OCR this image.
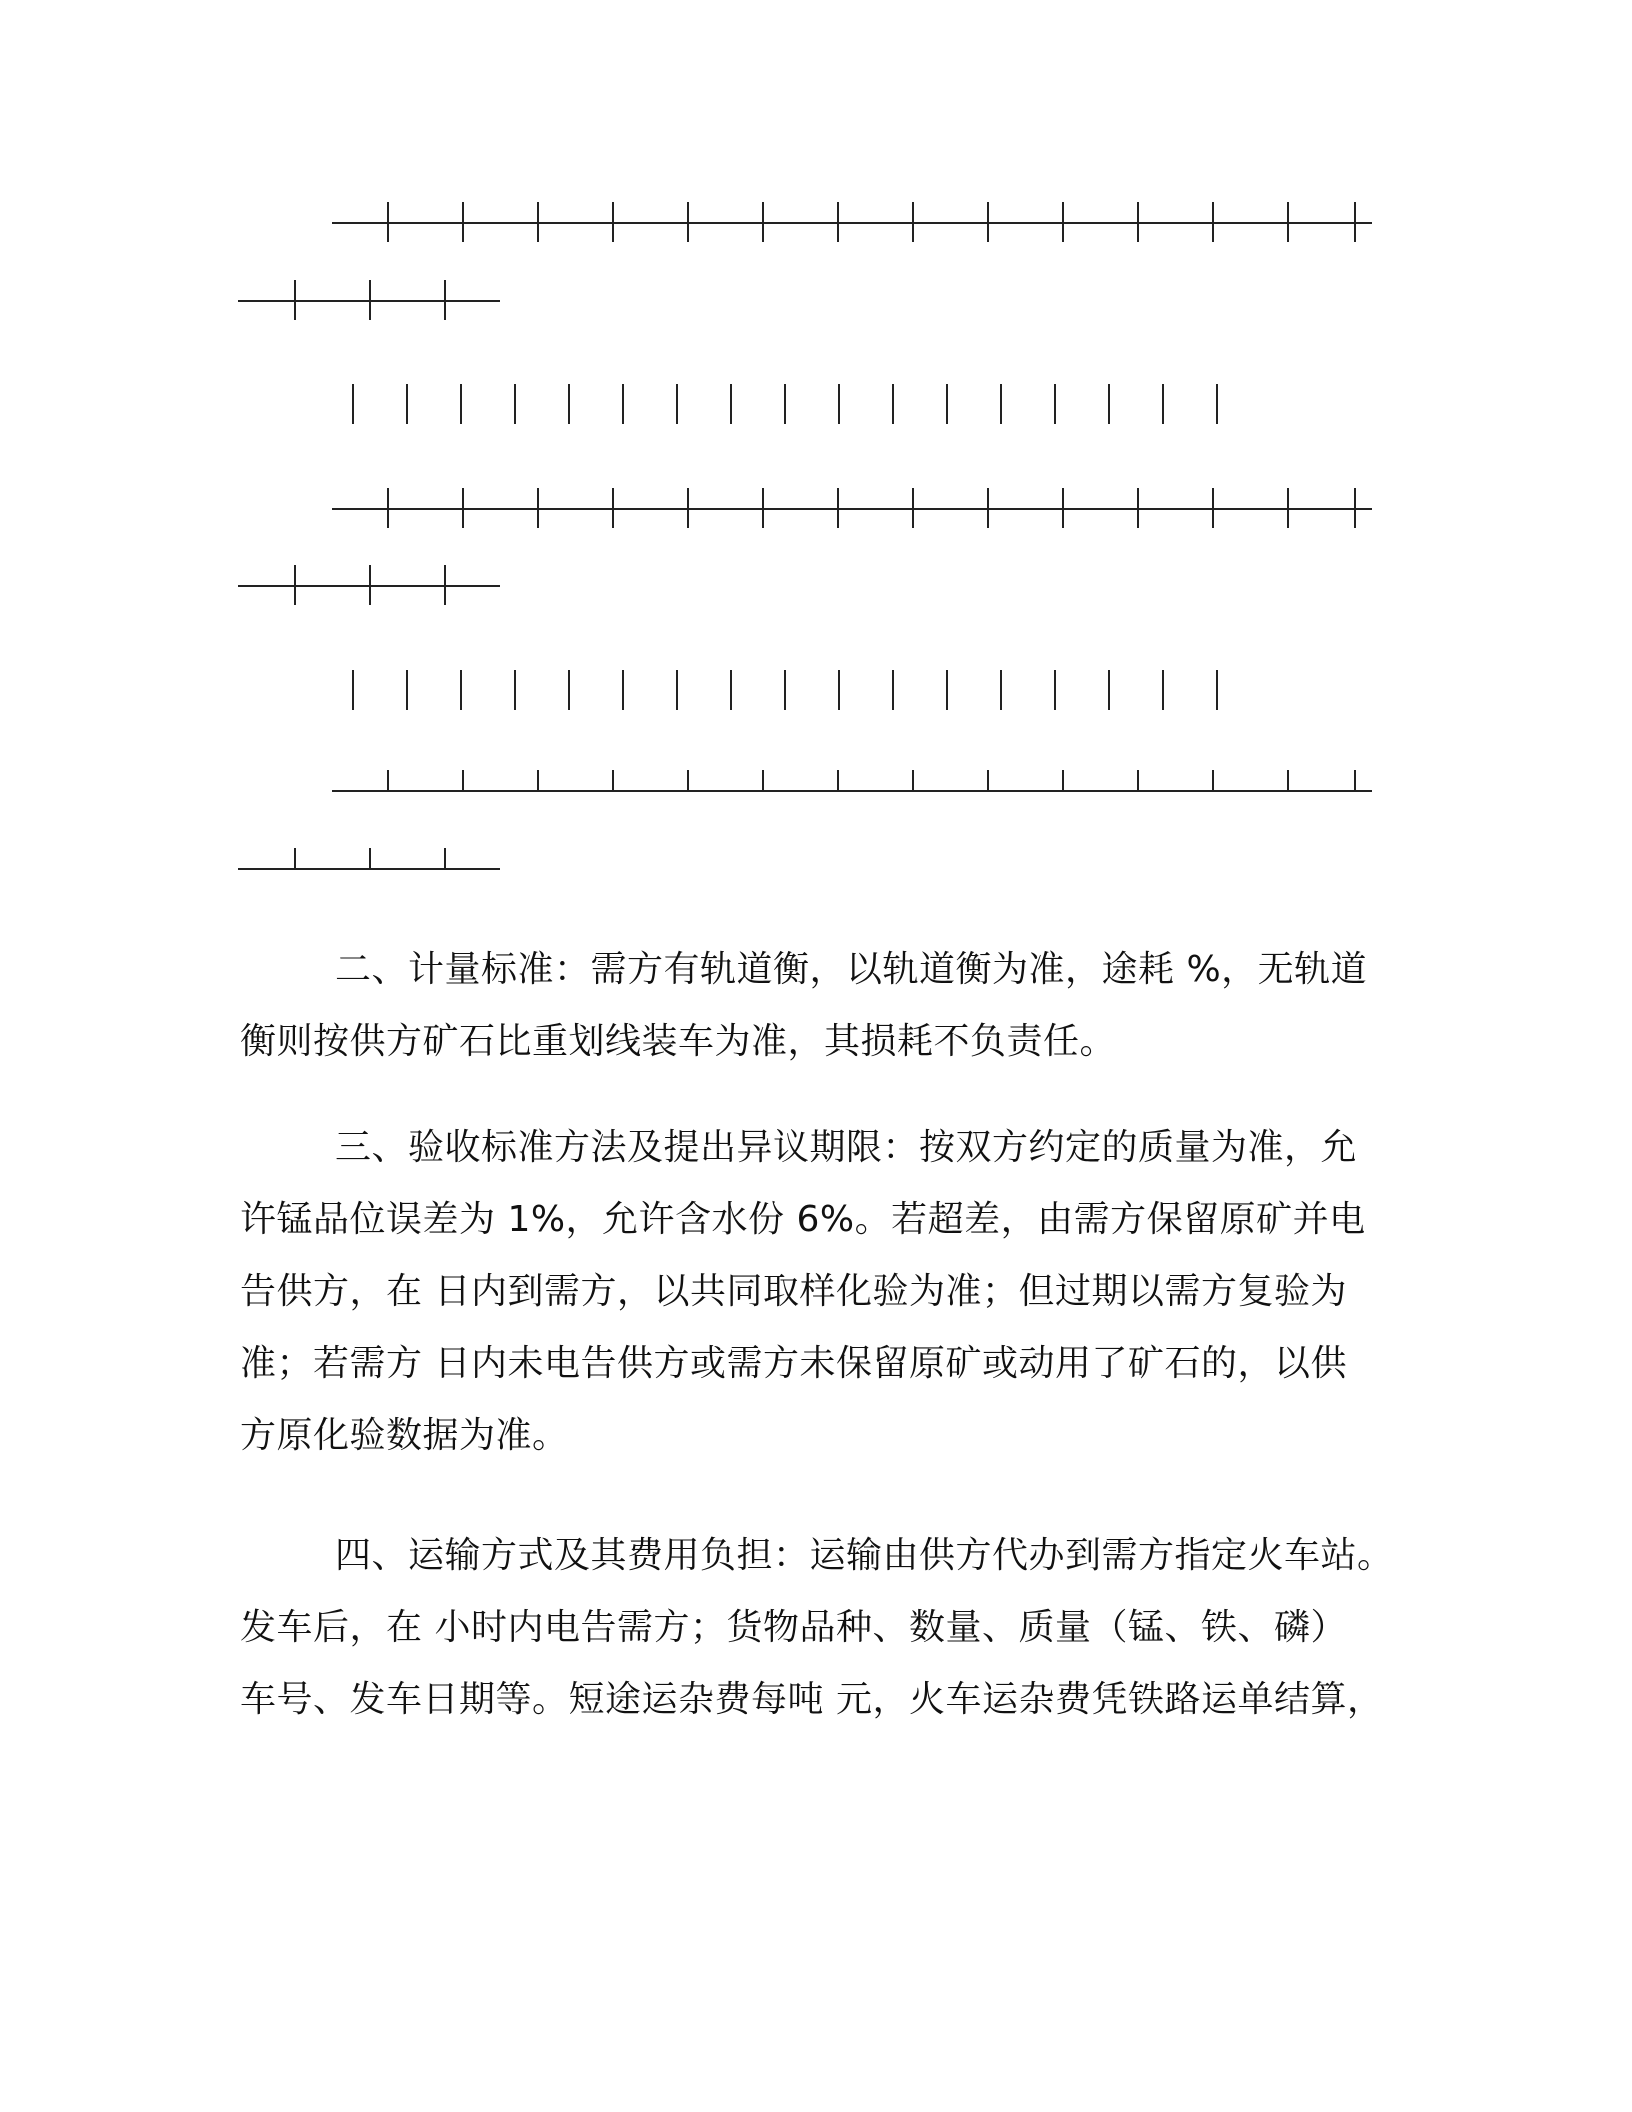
二、计量标准：需方有轨道衡，以轨道衡为准，途耗 %，无轨道
衡则按供方矿石比重划线装车为准，其损耗不负责任。

三、验收标准方法及提出异议期限：按双方约定的质量为准，允
许锰品位误差为 1%，允许含水份 6%。若超差，由需方保留原矿并电
告供方，在 日内到需方，以共同取样化验为准；但过期以需方复验为
准；若需方 日内未电告供方或需方未保留原矿或动用了矿石的，以供
方原化验数据为准。

四、运输方式及其费用负担：运输由供方代办到需方指定火车站。
发车后，在 小时内电告需方；货物品种、数量、质量（锰、铁、磷）
车号、发车日期等。短途运杂费每吨 元，火车运杂费凭铁路运单结算，
